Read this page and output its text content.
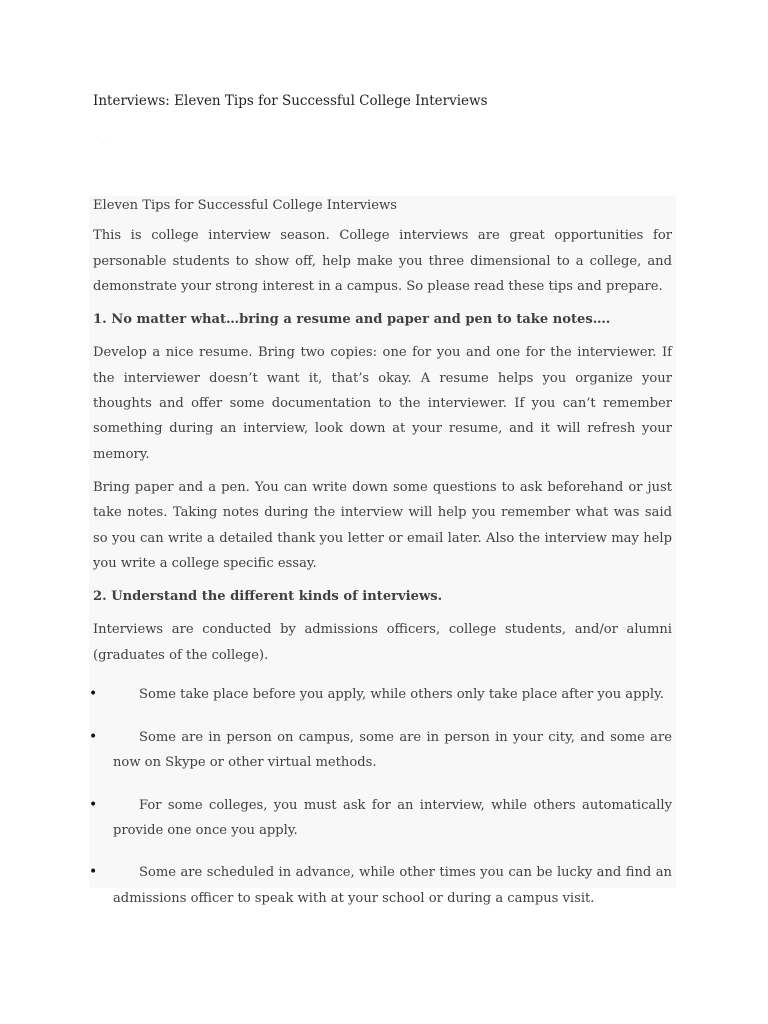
Interviews: Eleven Tips for Successful College Interviews
·

Eleven Tips for Successful College Interviews

This is college interview season. College interviews are great opportunities for personable students to show off, help make you three dimensional to a college, and demonstrate your strong interest in a campus. So please read these tips and prepare.

1. No matter what…bring a resume and paper and pen to take notes….

Develop a nice resume. Bring two copies: one for you and one for the interviewer. If the interviewer doesn’t want it, that’s okay. A resume helps you organize your thoughts and offer some documentation to the interviewer. If you can’t remember something during an interview, look down at your resume, and it will refresh your memory.

Bring paper and a pen. You can write down some questions to ask beforehand or just take notes. Taking notes during the interview will help you remember what was said so you can write a detailed thank you letter or email later. Also the interview may help you write a college specific essay.

2. Understand the different kinds of interviews.

Interviews are conducted by admissions officers, college students, and/or alumni (graduates of the college).

•	Some take place before you apply, while others only take place after you apply.
•	Some are in person on campus, some are in person in your city, and some are now on Skype or other virtual methods.
•	For some colleges, you must ask for an interview, while others automatically provide one once you apply.
•	Some are scheduled in advance, while other times you can be lucky and find an admissions officer to speak with at your school or during a campus visit.
